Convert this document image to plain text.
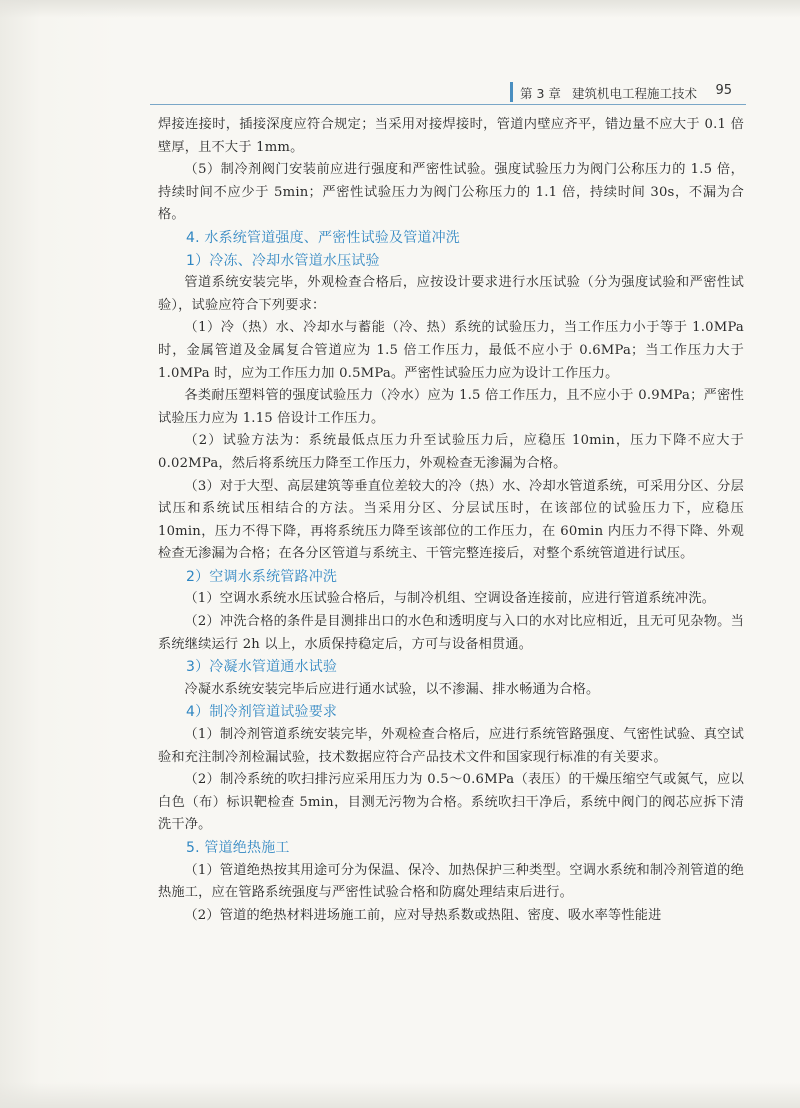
第 3 章 建筑机电工程施工技术 95

焊接连接时，插接深度应符合规定；当采用对接焊接时，管道内壁应齐平，错边量不应大于 0.1 倍壁厚，且不大于 1mm。

（5）制冷剂阀门安装前应进行强度和严密性试验。强度试验压力为阀门公称压力的 1.5 倍，持续时间不应少于 5min；严密性试验压力为阀门公称压力的 1.1 倍，持续时间 30s，不漏为合格。

4. 水系统管道强度、严密性试验及管道冲洗
1）冷冻、冷却水管道水压试验

管道系统安装完毕，外观检查合格后，应按设计要求进行水压试验（分为强度试验和严密性试验），试验应符合下列要求：

（1）冷（热）水、冷却水与蓄能（冷、热）系统的试验压力，当工作压力小于等于 1.0MPa 时，金属管道及金属复合管道应为 1.5 倍工作压力，最低不应小于 0.6MPa；当工作压力大于 1.0MPa 时，应为工作压力加 0.5MPa。严密性试验压力应为设计工作压力。

各类耐压塑料管的强度试验压力（冷水）应为 1.5 倍工作压力，且不应小于 0.9MPa；严密性试验压力应为 1.15 倍设计工作压力。

（2）试验方法为：系统最低点压力升至试验压力后，应稳压 10min，压力下降不应大于 0.02MPa，然后将系统压力降至工作压力，外观检查无渗漏为合格。

（3）对于大型、高层建筑等垂直位差较大的冷（热）水、冷却水管道系统，可采用分区、分层试压和系统试压相结合的方法。当采用分区、分层试压时，在该部位的试验压力下，应稳压 10min，压力不得下降，再将系统压力降至该部位的工作压力，在 60min 内压力不得下降、外观检查无渗漏为合格；在各分区管道与系统主、干管完整连接后，对整个系统管道进行试压。

2）空调水系统管路冲洗

（1）空调水系统水压试验合格后，与制冷机组、空调设备连接前，应进行管道系统冲洗。

（2）冲洗合格的条件是目测排出口的水色和透明度与入口的水对比应相近，且无可见杂物。当系统继续运行 2h 以上，水质保持稳定后，方可与设备相贯通。

3）冷凝水管道通水试验

冷凝水系统安装完毕后应进行通水试验，以不渗漏、排水畅通为合格。

4）制冷剂管道试验要求

（1）制冷剂管道系统安装完毕，外观检查合格后，应进行系统管路强度、气密性试验、真空试验和充注制冷剂检漏试验，技术数据应符合产品技术文件和国家现行标准的有关要求。

（2）制冷系统的吹扫排污应采用压力为 0.5～0.6MPa（表压）的干燥压缩空气或氮气，应以白色（布）标识靶检查 5min，目测无污物为合格。系统吹扫干净后，系统中阀门的阀芯应拆下清洗干净。

5. 管道绝热施工

（1）管道绝热按其用途可分为保温、保冷、加热保护三种类型。空调水系统和制冷剂管道的绝热施工，应在管路系统强度与严密性试验合格和防腐处理结束后进行。

（2）管道的绝热材料进场施工前，应对导热系数或热阻、密度、吸水率等性能进
